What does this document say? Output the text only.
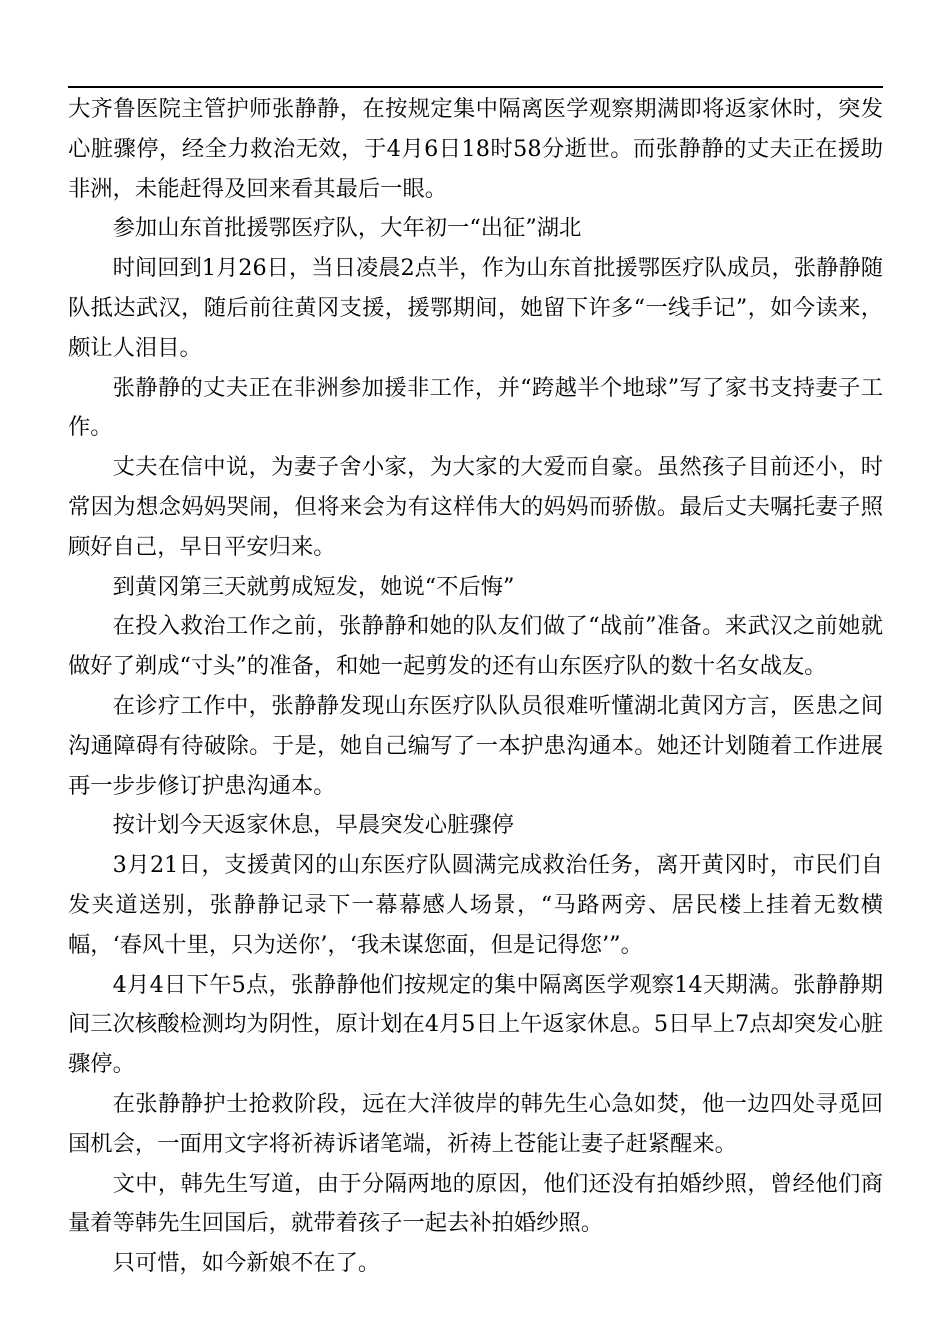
大齐鲁医院主管护师张静静，在按规定集中隔离医学观察期满即将返家休时，突发心脏骤停，经全力救治无效，于4月6日18时58分逝世。而张静静的丈夫正在援助非洲，未能赶得及回来看其最后一眼。

参加山东首批援鄂医疗队，大年初一“出征”湖北

时间回到1月26日，当日凌晨2点半，作为山东首批援鄂医疗队成员，张静静随队抵达武汉，随后前往黄冈支援，援鄂期间，她留下许多“一线手记”，如今读来，颇让人泪目。

张静静的丈夫正在非洲参加援非工作，并“跨越半个地球”写了家书支持妻子工作。

丈夫在信中说，为妻子舍小家，为大家的大爱而自豪。虽然孩子目前还小，时常因为想念妈妈哭闹，但将来会为有这样伟大的妈妈而骄傲。最后丈夫嘱托妻子照顾好自己，早日平安归来。

到黄冈第三天就剪成短发，她说“不后悔”

在投入救治工作之前，张静静和她的队友们做了“战前”准备。来武汉之前她就做好了剃成“寸头”的准备，和她一起剪发的还有山东医疗队的数十名女战友。

在诊疗工作中，张静静发现山东医疗队队员很难听懂湖北黄冈方言，医患之间沟通障碍有待破除。于是，她自己编写了一本护患沟通本。她还计划随着工作进展再一步步修订护患沟通本。

按计划今天返家休息，早晨突发心脏骤停

3月21日，支援黄冈的山东医疗队圆满完成救治任务，离开黄冈时，市民们自发夹道送别，张静静记录下一幕幕感人场景，“马路两旁、居民楼上挂着无数横幅，‘春风十里，只为送你’，‘我未谋您面，但是记得您’”。

4月4日下午5点，张静静他们按规定的集中隔离医学观察14天期满。张静静期间三次核酸检测均为阴性，原计划在4月5日上午返家休息。5日早上7点却突发心脏骤停。

在张静静护士抢救阶段，远在大洋彼岸的韩先生心急如焚，他一边四处寻觅回国机会，一面用文字将祈祷诉诸笔端，祈祷上苍能让妻子赶紧醒来。

文中，韩先生写道，由于分隔两地的原因，他们还没有拍婚纱照，曾经他们商量着等韩先生回国后，就带着孩子一起去补拍婚纱照。

只可惜，如今新娘不在了。
